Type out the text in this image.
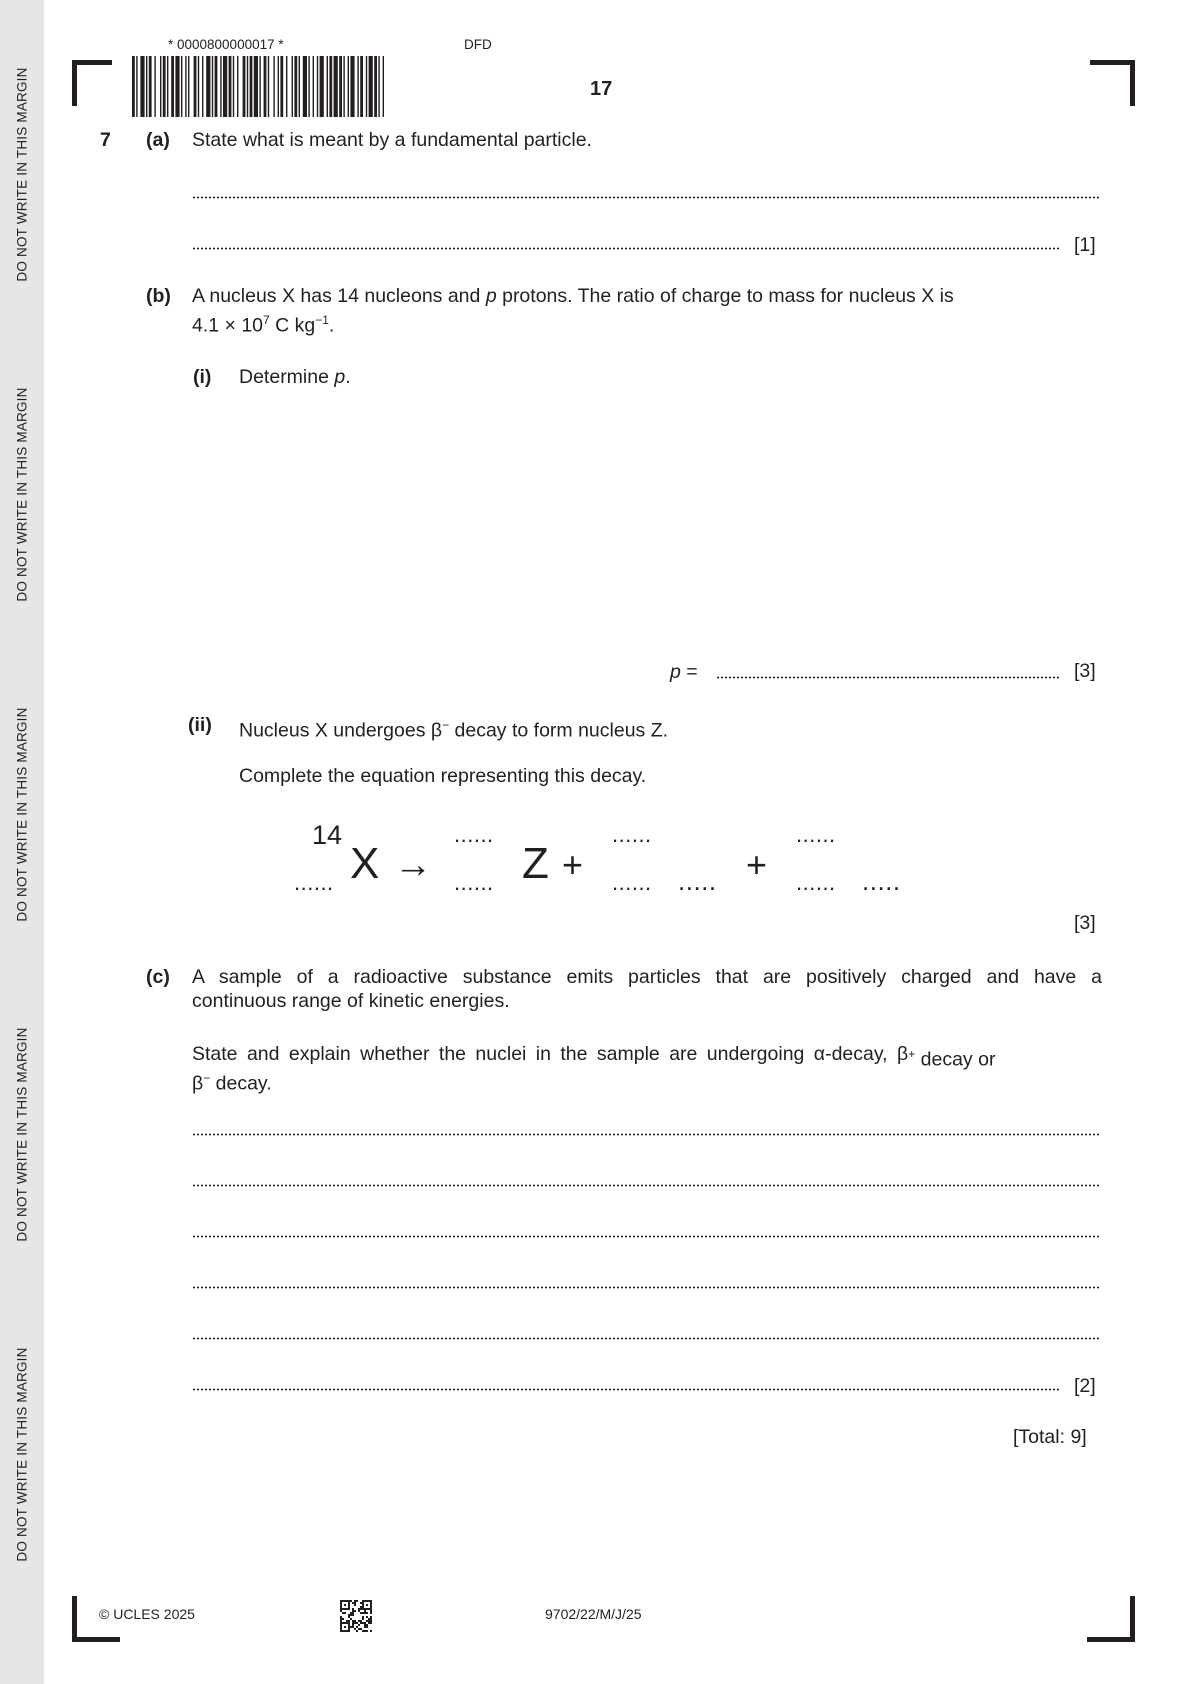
DO NOT WRITE IN THIS MARGIN
DO NOT WRITE IN THIS MARGIN
DO NOT WRITE IN THIS MARGIN
DO NOT WRITE IN THIS MARGIN
DO NOT WRITE IN THIS MARGIN
* 0000800000017 *	DFD
17
7 (a) State what is meant by a fundamental particle.
[1]
(b) A nucleus X has 14 nucleons and p protons. The ratio of charge to mass for nucleus X is
$4.1 \times 10^7$ C $kg^{-1}$.
(i) Determine p.
p =	[3]
(ii) Nucleus X undergoes β− decay to form nucleus Z.
Complete the equation representing this decay.
14
...... X →
......
...... Z +
......
...... ..... +
......
...... .....
[3]
(c) A sample of a radioactive substance emits particles that are positively charged and have a
continuous range of kinetic energies.
State and explain whether the nuclei in the sample are undergoing α-decay, β + decay or
β− decay.
[2]
[Total: 9]
© UCLES 2025	9702/22/M/J/25
